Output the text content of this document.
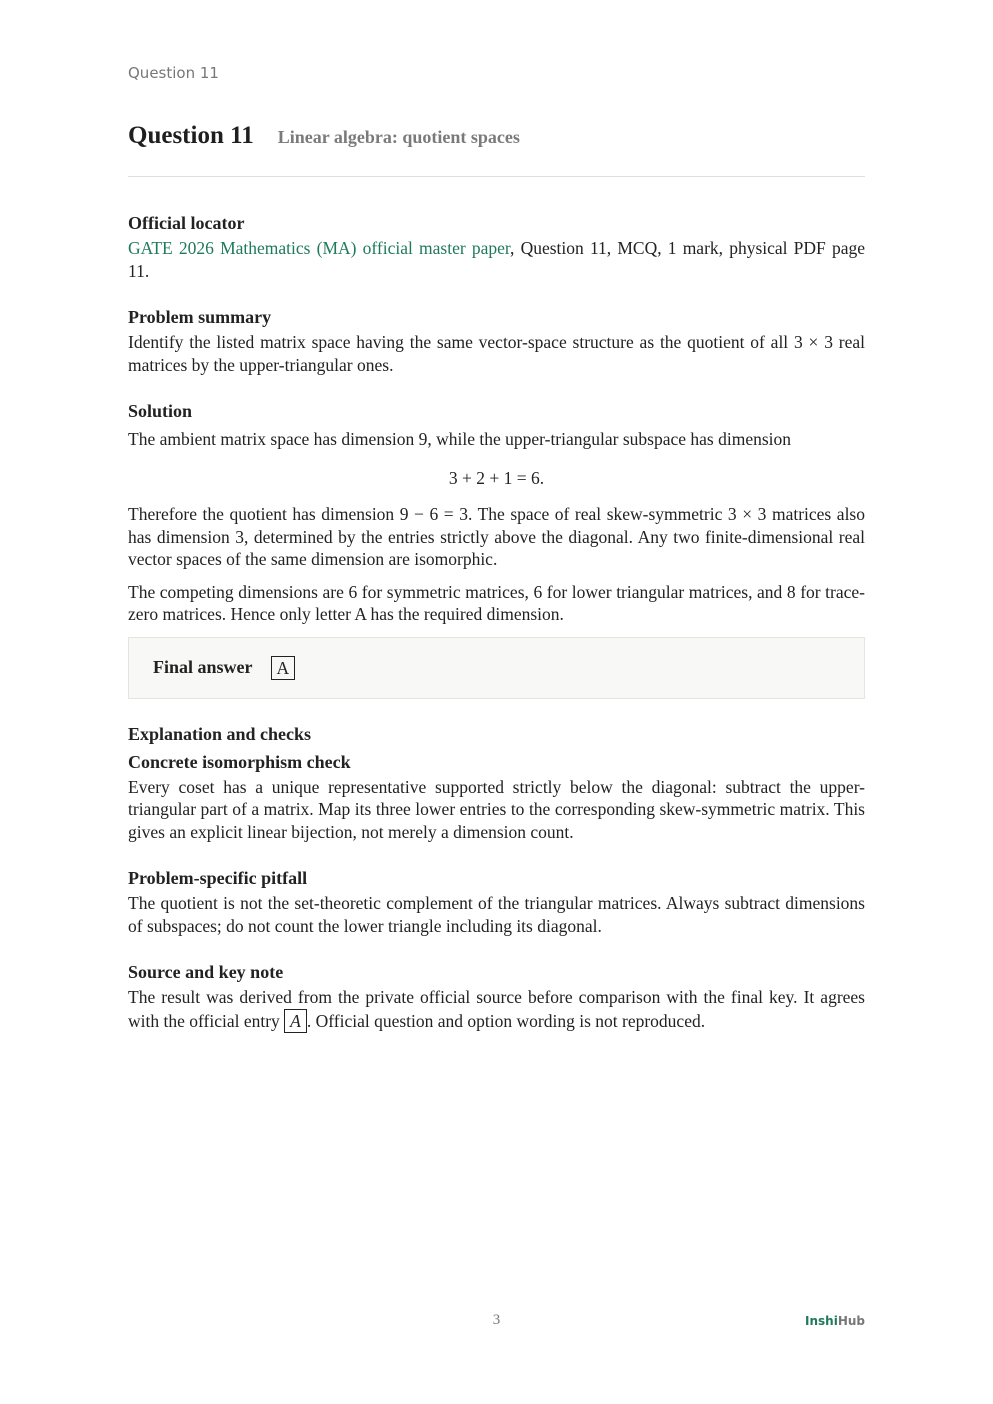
Question 11
Question 11 Linear algebra: quotient spaces
Official locator

GATE 2026 Mathematics (MA) official master paper, Question 11, MCQ, 1 mark, physical PDF page 11.

Problem summary

Identify the listed matrix space having the same vector-space structure as the quotient of all 3 × 3 real matrices by the upper-triangular ones.

Solution

The ambient matrix space has dimension 9, while the upper-triangular subspace has dimension

3 + 2 + 1 = 6.

Therefore the quotient has dimension 9 − 6 = 3. The space of real skew-symmetric 3 × 3 matrices also has dimension 3, determined by the entries strictly above the diagonal. Any two finite-dimensional real vector spaces of the same dimension are isomorphic.

The competing dimensions are 6 for symmetric matrices, 6 for lower triangular matrices, and 8 for trace-zero matrices. Hence only letter A has the required dimension.

Final answer	A
Explanation and checks
Concrete isomorphism check

Every coset has a unique representative supported strictly below the diagonal: subtract the upper-triangular part of a matrix. Map its three lower entries to the corresponding skew-symmetric matrix. This gives an explicit linear bijection, not merely a dimension count.

Problem-specific pitfall

The quotient is not the set-theoretic complement of the triangular matrices. Always subtract dimensions of subspaces; do not count the lower triangle including its diagonal.

Source and key note

The result was derived from the private official source before comparison with the final key. It agrees with the official entry A . Official question and option wording is not reproduced.

3	InshiHub
